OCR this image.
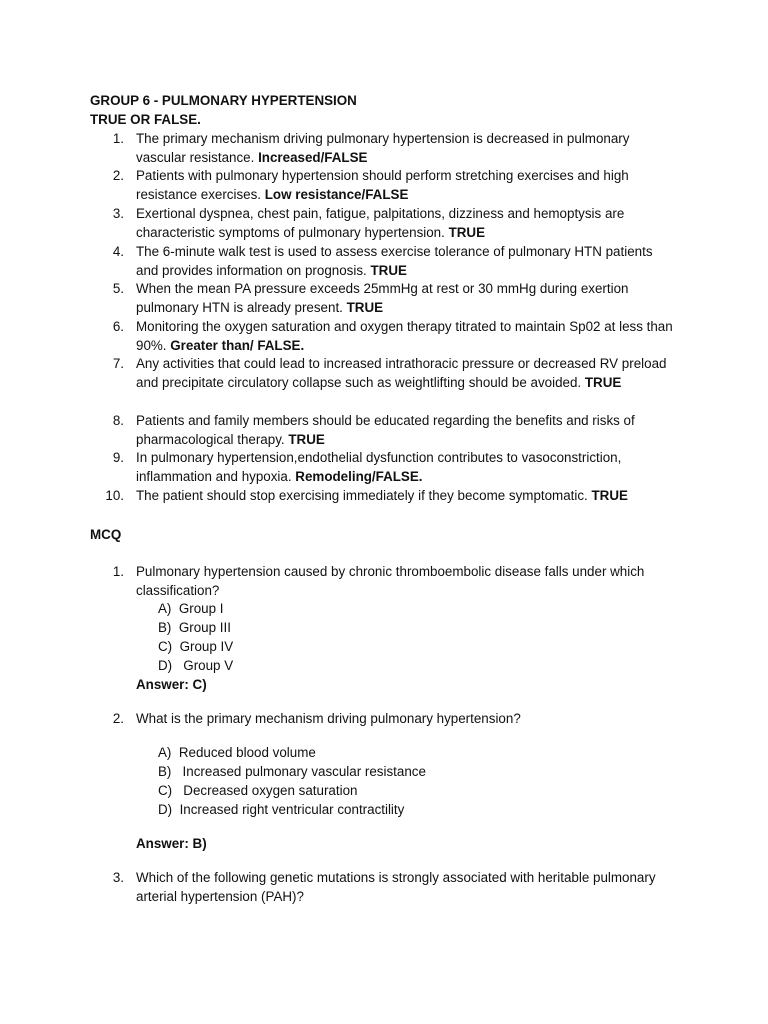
GROUP 6 - PULMONARY HYPERTENSION
TRUE OR FALSE.
1. The primary mechanism driving pulmonary hypertension is decreased in pulmonary vascular resistance. Increased/FALSE
2. Patients with pulmonary hypertension should perform stretching exercises and high resistance exercises. Low resistance/FALSE
3. Exertional dyspnea, chest pain, fatigue, palpitations, dizziness and hemoptysis are characteristic symptoms of pulmonary hypertension. TRUE
4. The 6-minute walk test is used to assess exercise tolerance of pulmonary HTN patients and provides information on prognosis. TRUE
5. When the mean PA pressure exceeds 25mmHg at rest or 30 mmHg during exertion pulmonary HTN is already present. TRUE
6. Monitoring the oxygen saturation and oxygen therapy titrated to maintain Sp02 at less than 90%. Greater than/ FALSE.
7. Any activities that could lead to increased intrathoracic pressure or decreased RV preload and precipitate circulatory collapse such as weightlifting should be avoided. TRUE
8. Patients and family members should be educated regarding the benefits and risks of pharmacological therapy. TRUE
9. In pulmonary hypertension,endothelial dysfunction contributes to vasoconstriction, inflammation and hypoxia. Remodeling/FALSE.
10. The patient should stop exercising immediately if they become symptomatic. TRUE
MCQ
1. Pulmonary hypertension caused by chronic thromboembolic disease falls under which classification?
A)  Group I
B)  Group III
C)  Group IV
D)   Group V
Answer: C)
2. What is the primary mechanism driving pulmonary hypertension?
A)  Reduced blood volume
B)   Increased pulmonary vascular resistance
C)   Decreased oxygen saturation
D)  Increased right ventricular contractility
Answer: B)
3. Which of the following genetic mutations is strongly associated with heritable pulmonary arterial hypertension (PAH)?
